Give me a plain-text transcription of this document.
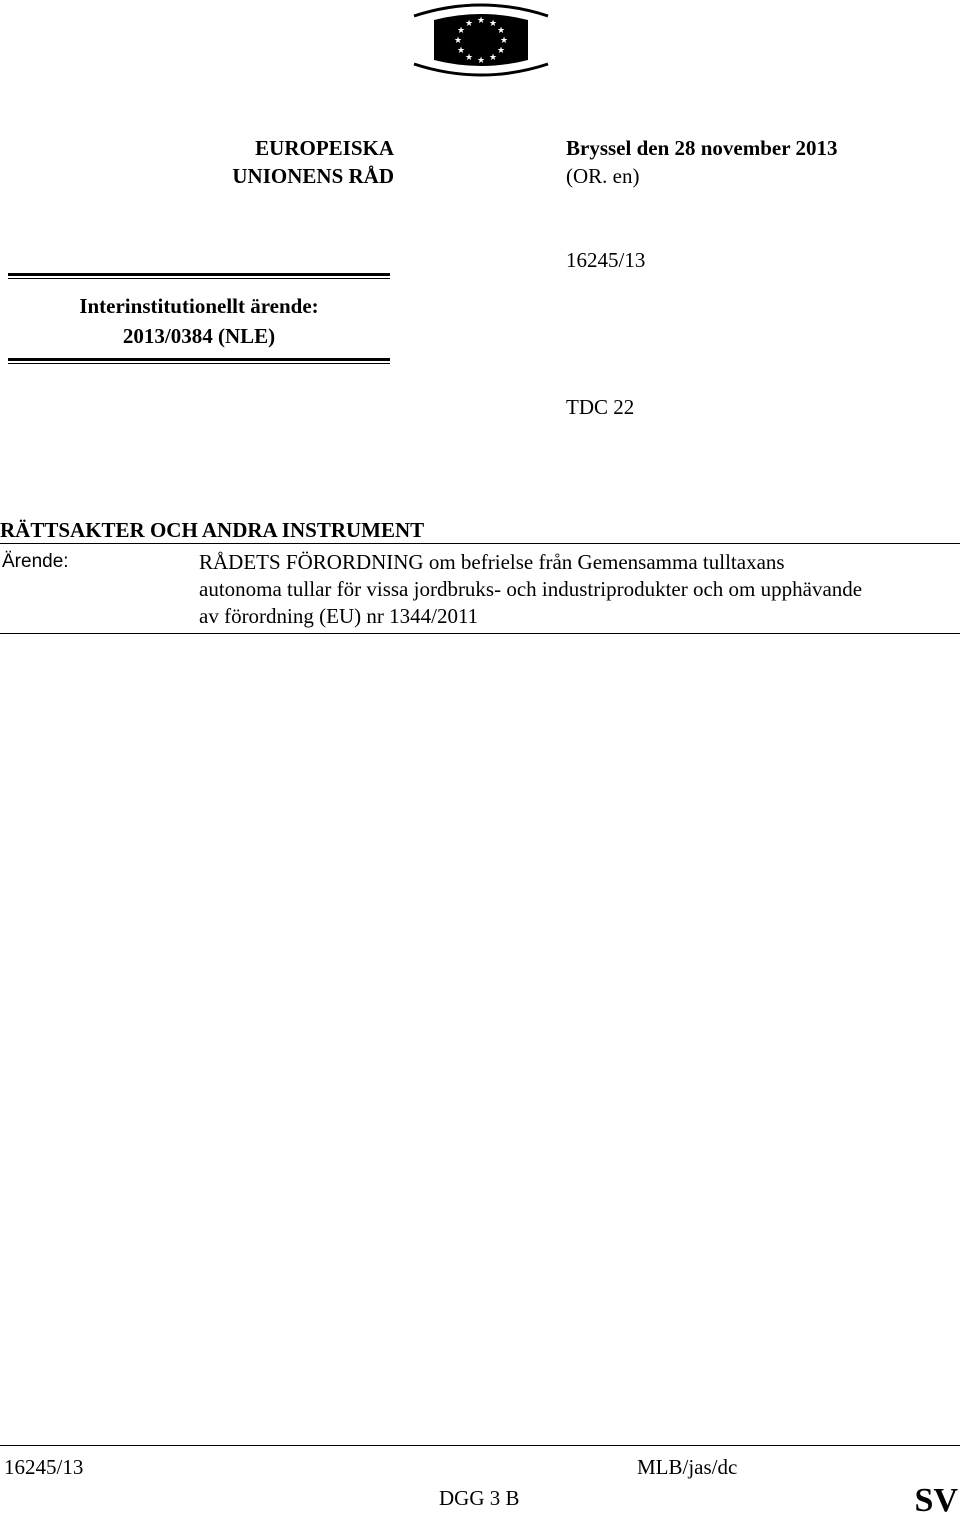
★ ★
★
★
★
★
★
★
★
★
★
★
EUROPEISKA
UNIONENS RÅD
Bryssel den 28 november 2013
(OR. en)
Interinstitutionellt ärende:
2013/0384 (NLE)
16245/13
TDC 22
RÄTTSAKTER OCH ANDRA INSTRUMENT
Ärende:	RÅDETS FÖRORDNING om befrielse från Gemensamma tulltaxans
autonoma tullar för vissa jordbruks- och industriprodukter och om upphävande
av förordning (EU) nr 1344/2011
16245/13	MLB/jas/dc
DGG 3 B	SV
